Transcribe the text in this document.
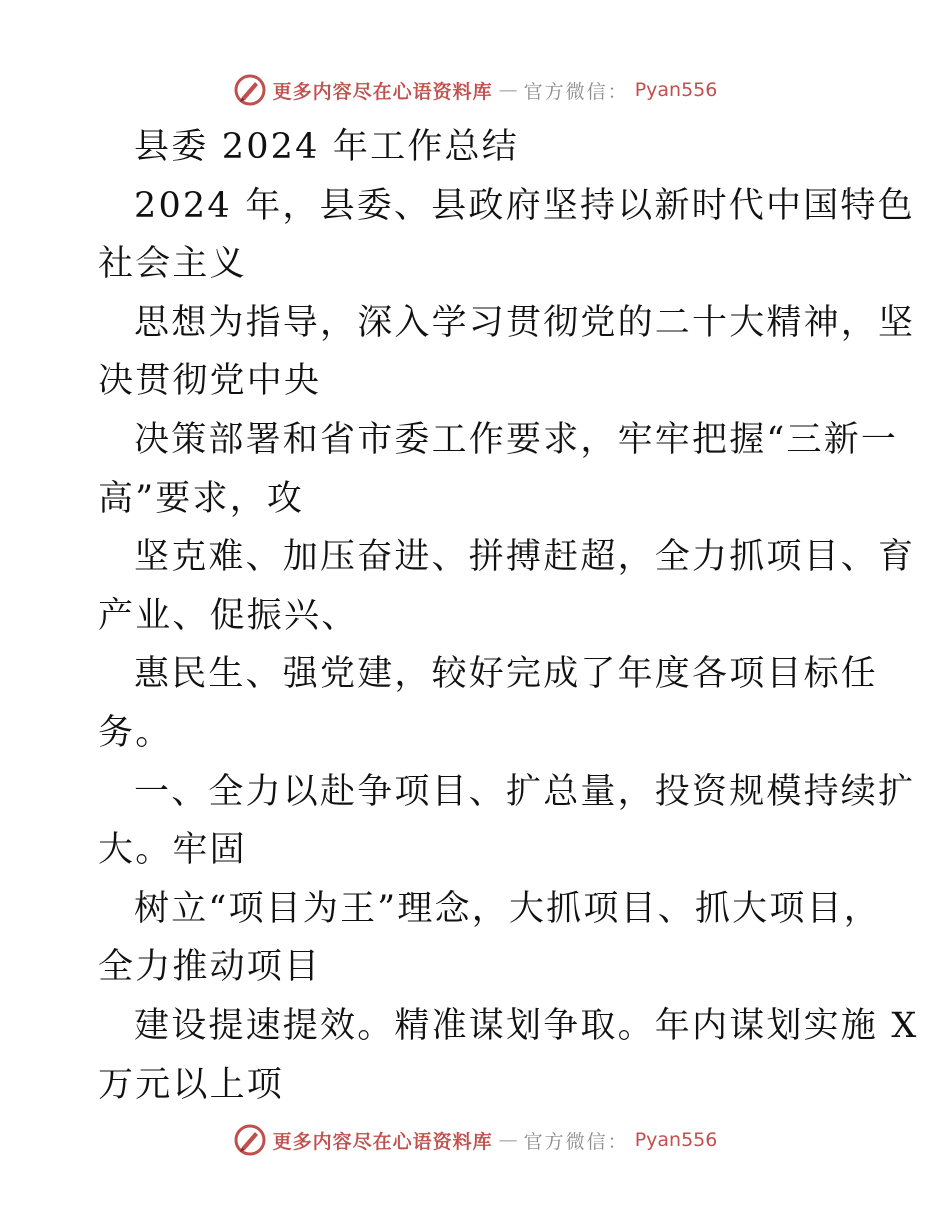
更多内容尽在心语资料库 — 官方微信： Pyan556
县委 2024 年工作总结
2024 年，县委、县政府坚持以新时代中国特色
社会主义
思想为指导，深入学习贯彻党的二十大精神，坚
决贯彻党中央
决策部署和省市委工作要求，牢牢把握“三新一
高”要求，攻
坚克难、加压奋进、拼搏赶超，全力抓项目、育
产业、促振兴、
惠民生、强党建，较好完成了年度各项目标任
务。
一、全力以赴争项目、扩总量，投资规模持续扩
大。牢固
树立“项目为王”理念，大抓项目、抓大项目，
全力推动项目
建设提速提效。精准谋划争取。年内谋划实施 X
万元以上项
更多内容尽在心语资料库 — 官方微信： Pyan556
